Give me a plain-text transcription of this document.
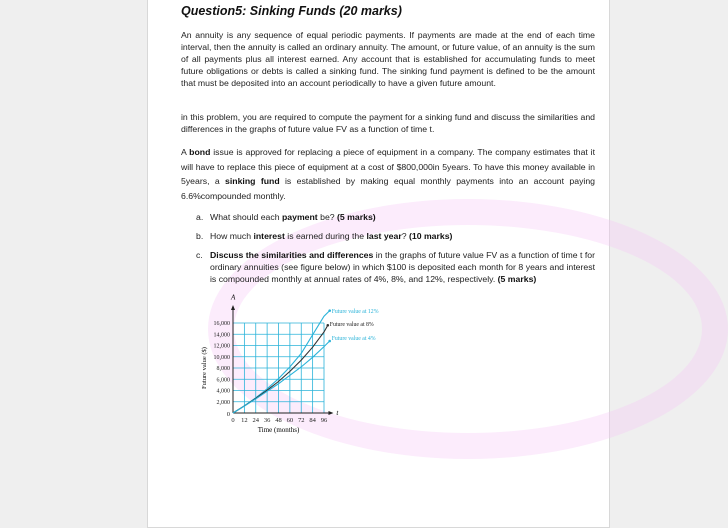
Question5: Sinking Funds (20 marks)

An annuity is any sequence of equal periodic payments. If payments are made at the end of each time interval, then the annuity is called an ordinary annuity. The amount, or future value, of an annuity is the sum of all payments plus all interest earned. Any account that is established for accumulating funds to meet future obligations or debts is called a sinking fund. The sinking fund payment is defined to be the amount that must be deposited into an account periodically to have a given future amount.

in this problem, you are required to compute the payment for a sinking fund and discuss the similarities and differences in the graphs of future value FV as a function of time t.

A bond issue is approved for replacing a piece of equipment in a company. The company estimates that it will have to replace this piece of equipment at a cost of $800,000in 5years. To have this money available in 5years, a sinking fund is established by making equal monthly payments into an account paying 6.6%compounded monthly.

a. What should each payment be? (5 marks)
b. How much interest is earned during the last year? (10 marks)
c. Discuss the similarities and differences in the graphs of future value FV as a function of time t for ordinary annuities (see figure below) in which $100 is deposited each month for 8 years and interest is compounded monthly at annual rates of 4%, 8%, and 12%, respectively. (5 marks)
0 12 24 36 48 60 72 84 96
2,000
4,000
6,000
8,000
10,000
12,000
14,000
16,000
0	t
A
Time (months)
Future value ($)
Future value at 12%
Future value at 8%
Future value at 4%
